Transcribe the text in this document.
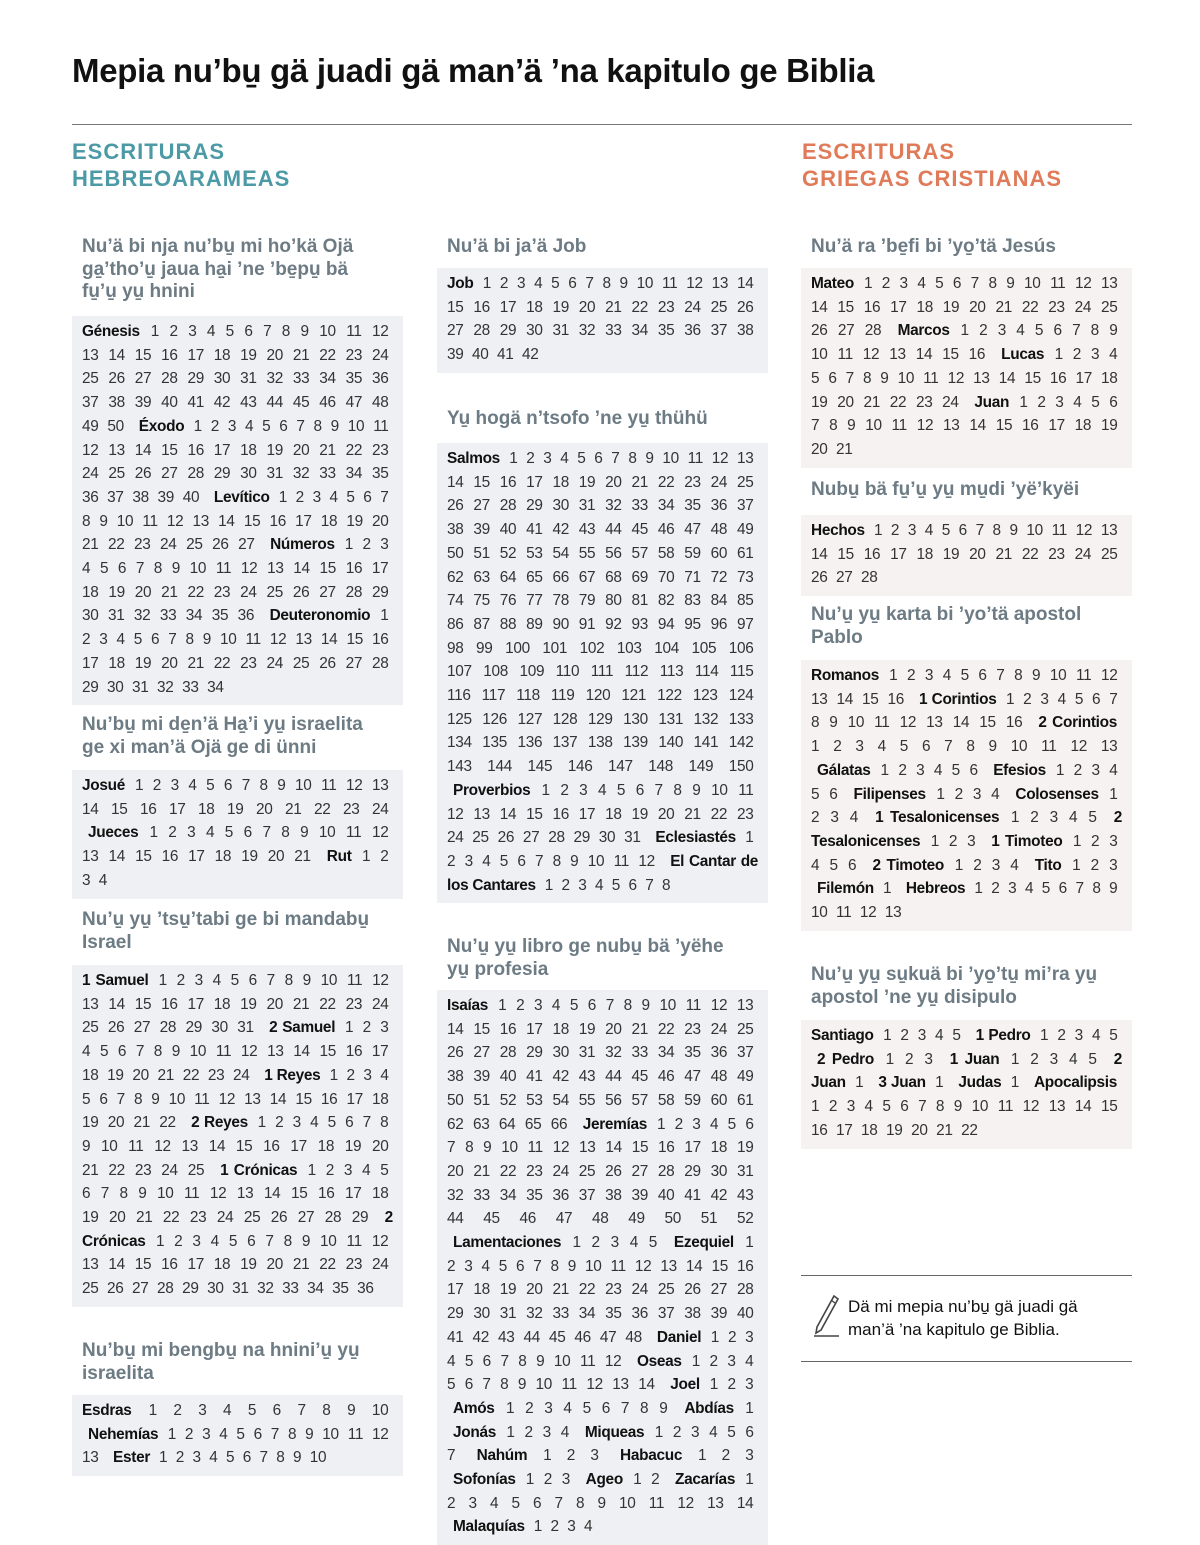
Mepia nu’bu̱ gä juadi gä man’ä ’na kapitulo ge Biblia
ESCRITURAS
HEBREOARAMEAS
ESCRITURAS
GRIEGAS CRISTIANAS
Nu’ä bi nja nu’bu̱ mi ho’kä Ojä ga̱’tho’u̱ jaua ha̱i ’ne ’be̱pu̱ bä fu̱’u̱ yu̱ hnini
Génesis 1 2 3 4 5 6 7 8 9 10 11 12 13 14 15 16 17 18 19 20 21 22 23 24 25 26 27 28 29 30 31 32 33 34 35 36 37 38 39 40 41 42 43 44 45 46 47 48 49 50 Éxodo 1 2 3 4 5 6 7 8 9 10 11 12 13 14 15 16 17 18 19 20 21 22 23 24 25 26 27 28 29 30 31 32 33 34 35 36 37 38 39 40 Levítico 1 2 3 4 5 6 7 8 9 10 11 12 13 14 15 16 17 18 19 20 21 22 23 24 25 26 27 Números 1 2 3 4 5 6 7 8 9 10 11 12 13 14 15 16 17 18 19 20 21 22 23 24 25 26 27 28 29 30 31 32 33 34 35 36 Deuteronomio 1 2 3 4 5 6 7 8 9 10 11 12 13 14 15 16 17 18 19 20 21 22 23 24 25 26 27 28 29 30 31 32 33 34
Nu’bu̱ mi de̱n’ä Ha̱’i yu̱ israelita ge xi man’ä Ojä ge di ünni
Josué 1 2 3 4 5 6 7 8 9 10 11 12 13 14 15 16 17 18 19 20 21 22 23 24 Jueces 1 2 3 4 5 6 7 8 9 10 11 12 13 14 15 16 17 18 19 20 21 Rut 1 2 3 4
Nu’u̱ yu̱ ’tsu̱’tabi ge bi mandabu̱ Israel
1 Samuel 1 2 3 4 5 6 7 8 9 10 11 12 13 14 15 16 17 18 19 20 21 22 23 24 25 26 27 28 29 30 31 2 Samuel 1 2 3 4 5 6 7 8 9 10 11 12 13 14 15 16 17 18 19 20 21 22 23 24 1 Reyes 1 2 3 4 5 6 7 8 9 10 11 12 13 14 15 16 17 18 19 20 21 22 2 Reyes 1 2 3 4 5 6 7 8 9 10 11 12 13 14 15 16 17 18 19 20 21 22 23 24 25 1 Crónicas 1 2 3 4 5 6 7 8 9 10 11 12 13 14 15 16 17 18 19 20 21 22 23 24 25 26 27 28 29 2 Crónicas 1 2 3 4 5 6 7 8 9 10 11 12 13 14 15 16 17 18 19 20 21 22 23 24 25 26 27 28 29 30 31 32 33 34 35 36
Nu’bu̱ mi bengbu̱ na hnini’u̱ yu̱ israelita
Esdras 1 2 3 4 5 6 7 8 9 10 Nehemías 1 2 3 4 5 6 7 8 9 10 11 12 13 Ester 1 2 3 4 5 6 7 8 9 10
Nu’ä bi ja’ä Job
Job 1 2 3 4 5 6 7 8 9 10 11 12 13 14 15 16 17 18 19 20 21 22 23 24 25 26 27 28 29 30 31 32 33 34 35 36 37 38 39 40 41 42
Yu̱ hogä n’tsofo ’ne yu̱ thühü
Salmos 1 2 3 4 5 6 7 8 9 10 11 12 13 14 15 16 17 18 19 20 21 22 23 24 25 26 27 28 29 30 31 32 33 34 35 36 37 38 39 40 41 42 43 44 45 46 47 48 49 50 51 52 53 54 55 56 57 58 59 60 61 62 63 64 65 66 67 68 69 70 71 72 73 74 75 76 77 78 79 80 81 82 83 84 85 86 87 88 89 90 91 92 93 94 95 96 97 98 99 100 101 102 103 104 105 106 107 108 109 110 111 112 113 114 115 116 117 118 119 120 121 122 123 124 125 126 127 128 129 130 131 132 133 134 135 136 137 138 139 140 141 142 143 144 145 146 147 148 149 150 Proverbios 1 2 3 4 5 6 7 8 9 10 11 12 13 14 15 16 17 18 19 20 21 22 23 24 25 26 27 28 29 30 31 Eclesiastés 1 2 3 4 5 6 7 8 9 10 11 12 El Cantar de los Cantares 1 2 3 4 5 6 7 8
Nu’u̱ yu̱ libro ge nubu̱ bä ’yëhe yu̱ profesia
Isaías 1 2 3 4 5 6 7 8 9 10 11 12 13 14 15 16 17 18 19 20 21 22 23 24 25 26 27 28 29 30 31 32 33 34 35 36 37 38 39 40 41 42 43 44 45 46 47 48 49 50 51 52 53 54 55 56 57 58 59 60 61 62 63 64 65 66 Jeremías 1 2 3 4 5 6 7 8 9 10 11 12 13 14 15 16 17 18 19 20 21 22 23 24 25 26 27 28 29 30 31 32 33 34 35 36 37 38 39 40 41 42 43 44 45 46 47 48 49 50 51 52 Lamentaciones 1 2 3 4 5 Ezequiel 1 2 3 4 5 6 7 8 9 10 11 12 13 14 15 16 17 18 19 20 21 22 23 24 25 26 27 28 29 30 31 32 33 34 35 36 37 38 39 40 41 42 43 44 45 46 47 48 Daniel 1 2 3 4 5 6 7 8 9 10 11 12 Oseas 1 2 3 4 5 6 7 8 9 10 11 12 13 14 Joel 1 2 3 Amós 1 2 3 4 5 6 7 8 9 Abdías 1 Jonás 1 2 3 4 Miqueas 1 2 3 4 5 6 7 Nahúm 1 2 3 Habacuc 1 2 3 Sofonías 1 2 3 Ageo 1 2 Zacarías 1 2 3 4 5 6 7 8 9 10 11 12 13 14 Malaquías 1 2 3 4
Nu’ä ra ’be̱fi bi ’yo̱’tä Jesús
Mateo 1 2 3 4 5 6 7 8 9 10 11 12 13 14 15 16 17 18 19 20 21 22 23 24 25 26 27 28 Marcos 1 2 3 4 5 6 7 8 9 10 11 12 13 14 15 16 Lucas 1 2 3 4 5 6 7 8 9 10 11 12 13 14 15 16 17 18 19 20 21 22 23 24 Juan 1 2 3 4 5 6 7 8 9 10 11 12 13 14 15 16 17 18 19 20 21
Nubu̱ bä fu̱’u̱ yu̱ mu̱di ’yë’kyëi
Hechos 1 2 3 4 5 6 7 8 9 10 11 12 13 14 15 16 17 18 19 20 21 22 23 24 25 26 27 28
Nu’u̱ yu̱ karta bi ’yo’tä apostol Pablo
Romanos 1 2 3 4 5 6 7 8 9 10 11 12 13 14 15 16 1 Corintios 1 2 3 4 5 6 7 8 9 10 11 12 13 14 15 16 2 Corintios 1 2 3 4 5 6 7 8 9 10 11 12 13 Gálatas 1 2 3 4 5 6 Efesios 1 2 3 4 5 6 Filipenses 1 2 3 4 Colosenses 1 2 3 4 1 Tesalonicenses 1 2 3 4 5 2 Tesalonicenses 1 2 3 1 Timoteo 1 2 3 4 5 6 2 Timoteo 1 2 3 4 Tito 1 2 3 Filemón 1 Hebreos 1 2 3 4 5 6 7 8 9 10 11 12 13
Nu’u̱ yu̱ su̱kuä bi ’yo̱’tu̱ mi’ra yu̱ apostol ’ne yu̱ disipulo
Santiago 1 2 3 4 5 1 Pedro 1 2 3 4 5 2 Pedro 1 2 3 1 Juan 1 2 3 4 5 2 Juan 1 3 Juan 1 Judas 1 Apocalipsis 1 2 3 4 5 6 7 8 9 10 11 12 13 14 15 16 17 18 19 20 21 22
Dä mi mepia nu’bu̱ gä juadi gä man’ä ’na kapitulo ge Biblia.
